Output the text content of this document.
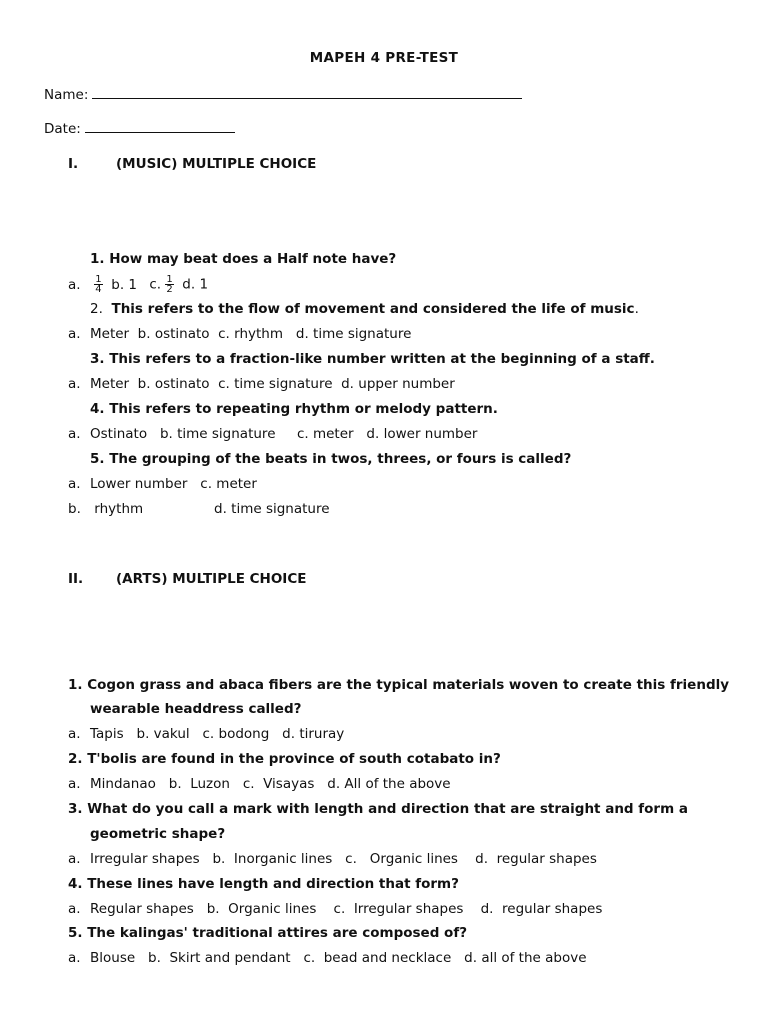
MAPEH 4 PRE-TEST
Name:
Date:
I.	(MUSIC) MULTIPLE CHOICE
1. How may beat does a Half note have?
a. $\frac{1}{4} b$. 1 c. $\frac{1}{2} d$. 1
2. This refers to the flow of movement and considered the life of music.
a. Meter  b. ostinato  c. rhythm   d. time signature
3. This refers to a fraction-like number written at the beginning of a staff.
a. Meter  b. ostinato  c. time signature  d. upper number
4. This refers to repeating rhythm or melody pattern.
a. Ostinato   b. time signature     c. meter   d. lower number
5. The grouping of the beats in twos, threes, or fours is called?
a. Lower number   c. meter
b. rhythm	d. time signature
II. (ARTS) MULTIPLE CHOICE
1. Cogon grass and abaca fibers are the typical materials woven to create this friendly
wearable headdress called?
a. Tapis   b. vakul   c. bodong   d. tiruray
2. T'bolis are found in the province of south cotabato in?
a. Mindanao   b.  Luzon   c.  Visayas   d. All of the above
3. What do you call a mark with length and direction that are straight and form a
geometric shape?
a. Irregular shapes   b.  Inorganic lines   c.   Organic lines    d.  regular shapes
4. These lines have length and direction that form?
a. Regular shapes   b.  Organic lines    c.  Irregular shapes    d.  regular shapes
5. The kalingas' traditional attires are composed of?
a. Blouse   b.  Skirt and pendant   c.  bead and necklace   d. all of the above
